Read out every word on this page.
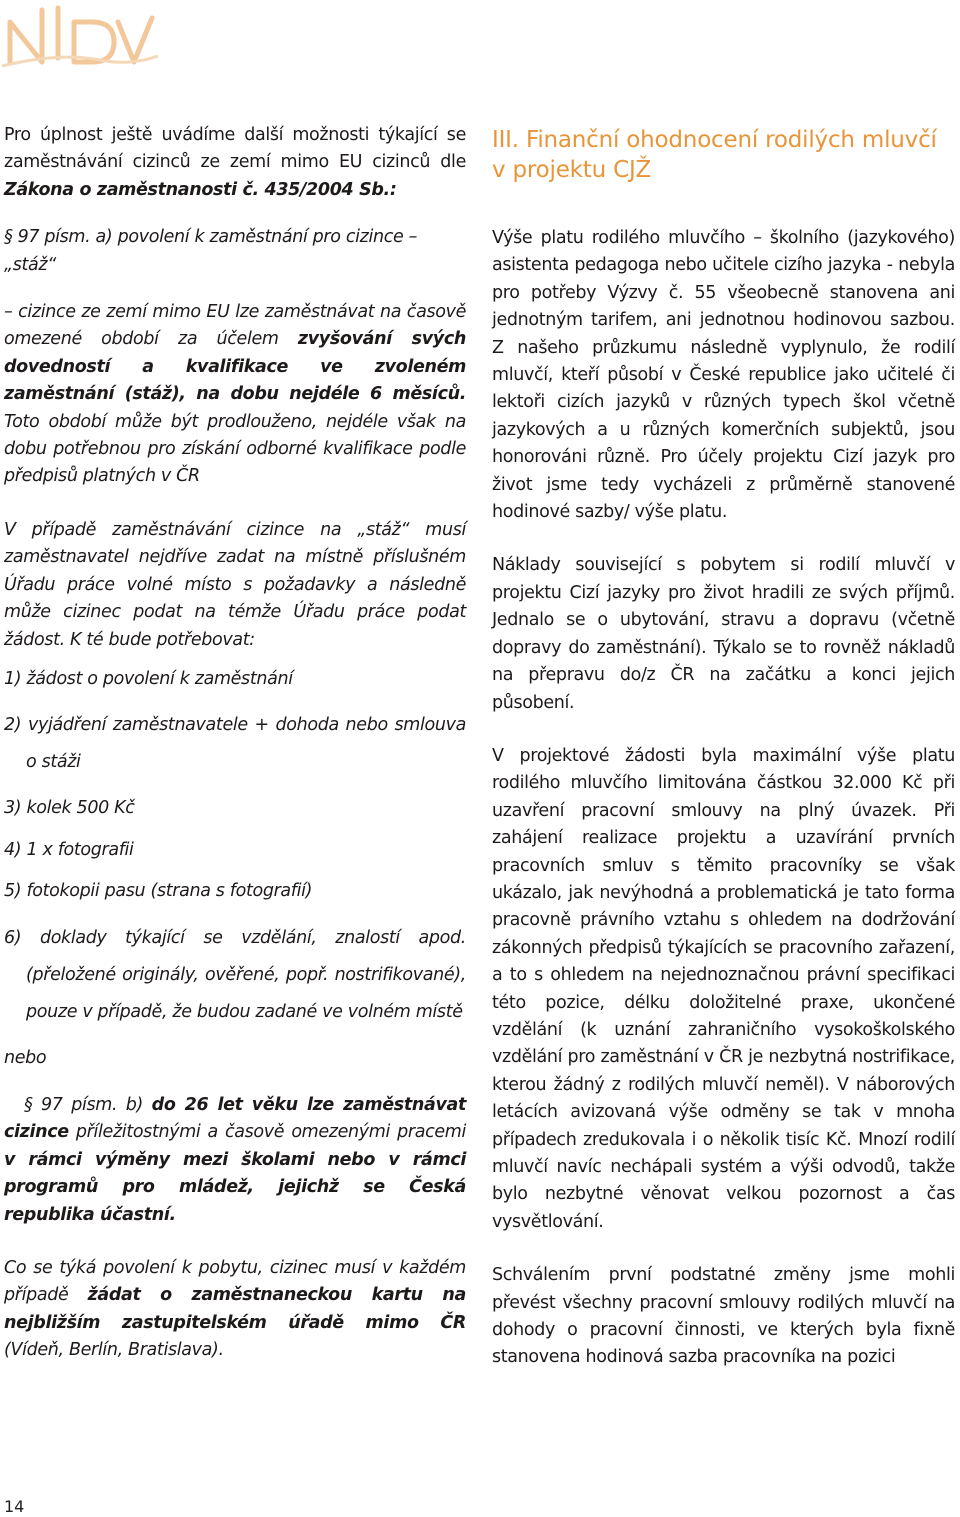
Pro úplnost ještě uvádíme další možnosti týkající se zaměstnávání cizinců ze zemí mimo EU cizinců dle Zákona o zaměstnanosti č. 435/2004 Sb.:

§ 97 písm. a) povolení k zaměstnání pro cizince – „stáž“

– cizince ze zemí mimo EU lze zaměstnávat na časově omezené období za účelem zvyšování svých dovedností a kvalifikace ve zvoleném zaměstnání (stáž), na dobu nejdéle 6 měsíců. Toto období může být prodlouženo, nejdéle však na dobu potřebnou pro získání odborné kvalifikace podle předpisů platných v ČR

V případě zaměstnávání cizince na „stáž“ musí zaměstnavatel nejdříve zadat na místně příslušném Úřadu práce volné místo s požadavky a následně může cizinec podat na témže Úřadu práce podat žádost. K té bude potřebovat:

1) žádost o povolení k zaměstnání

2) vyjádření zaměstnavatele + dohoda nebo smlouva o stáži

3) kolek 500 Kč

4) 1 x fotografii

5) fotokopii pasu (strana s fotografií)

6) doklady týkající se vzdělání, znalostí apod. (přeložené originály, ověřené, popř. nostrifikované), pouze v případě, že budou zadané ve volném místě

nebo

§ 97 písm. b) do 26 let věku lze zaměstnávat cizince příležitostnými a časově omezenými pracemi v rámci výměny mezi školami nebo v rámci programů pro mládež, jejichž se Česká republika účastní.

Co se týká povolení k pobytu, cizinec musí v každém případě žádat o zaměstnaneckou kartu na nejbližším zastupitelském úřadě mimo ČR (Vídeň, Berlín, Bratislava).

III. Finanční ohodnocení rodilých mluvčí v projektu CJŽ

Výše platu rodilého mluvčího – školního (jazykového) asistenta pedagoga nebo učitele cizího jazyka - nebyla pro potřeby Výzvy č. 55 všeobecně stanovena ani jednotným tarifem, ani jednotnou hodinovou sazbou. Z našeho průzkumu následně vyplynulo, že rodilí mluvčí, kteří působí v České republice jako učitelé či lektoři cizích jazyků v různých typech škol včetně jazykových a u různých komerčních subjektů, jsou honorováni různě. Pro účely projektu Cizí jazyk pro život jsme tedy vycházeli z průměrně stanovené hodinové sazby/ výše platu.

Náklady související s pobytem si rodilí mluvčí v projektu Cizí jazyky pro život hradili ze svých příjmů. Jednalo se o ubytování, stravu a dopravu (včetně dopravy do zaměstnání). Týkalo se to rovněž nákladů na přepravu do/z ČR na začátku a konci jejich působení.

V projektové žádosti byla maximální výše platu rodilého mluvčího limitována částkou 32.000 Kč při uzavření pracovní smlouvy na plný úvazek. Při zahájení realizace projektu a uzavírání prvních pracovních smluv s těmito pracovníky se však ukázalo, jak nevýhodná a problematická je tato forma pracovně právního vztahu s ohledem na dodržování zákonných předpisů týkajících se pracovního zařazení, a to s ohledem na nejednoznačnou právní specifikaci této pozice, délku doložitelné praxe, ukončené vzdělání (k uznání zahraničního vysokoškolského vzdělání pro zaměstnání v ČR je nezbytná nostrifikace, kterou žádný z rodilých mluvčí neměl). V náborových letácích avizovaná výše odměny se tak v mnoha případech zredukovala i o několik tisíc Kč. Mnozí rodilí mluvčí navíc nechápali systém a výši odvodů, takže bylo nezbytné věnovat velkou pozornost a čas vysvětlování.

Schválením první podstatné změny jsme mohli převést všechny pracovní smlouvy rodilých mluvčí na dohody o pracovní činnosti, ve kterých byla fixně stanovena hodinová sazba pracovníka na pozici

14
